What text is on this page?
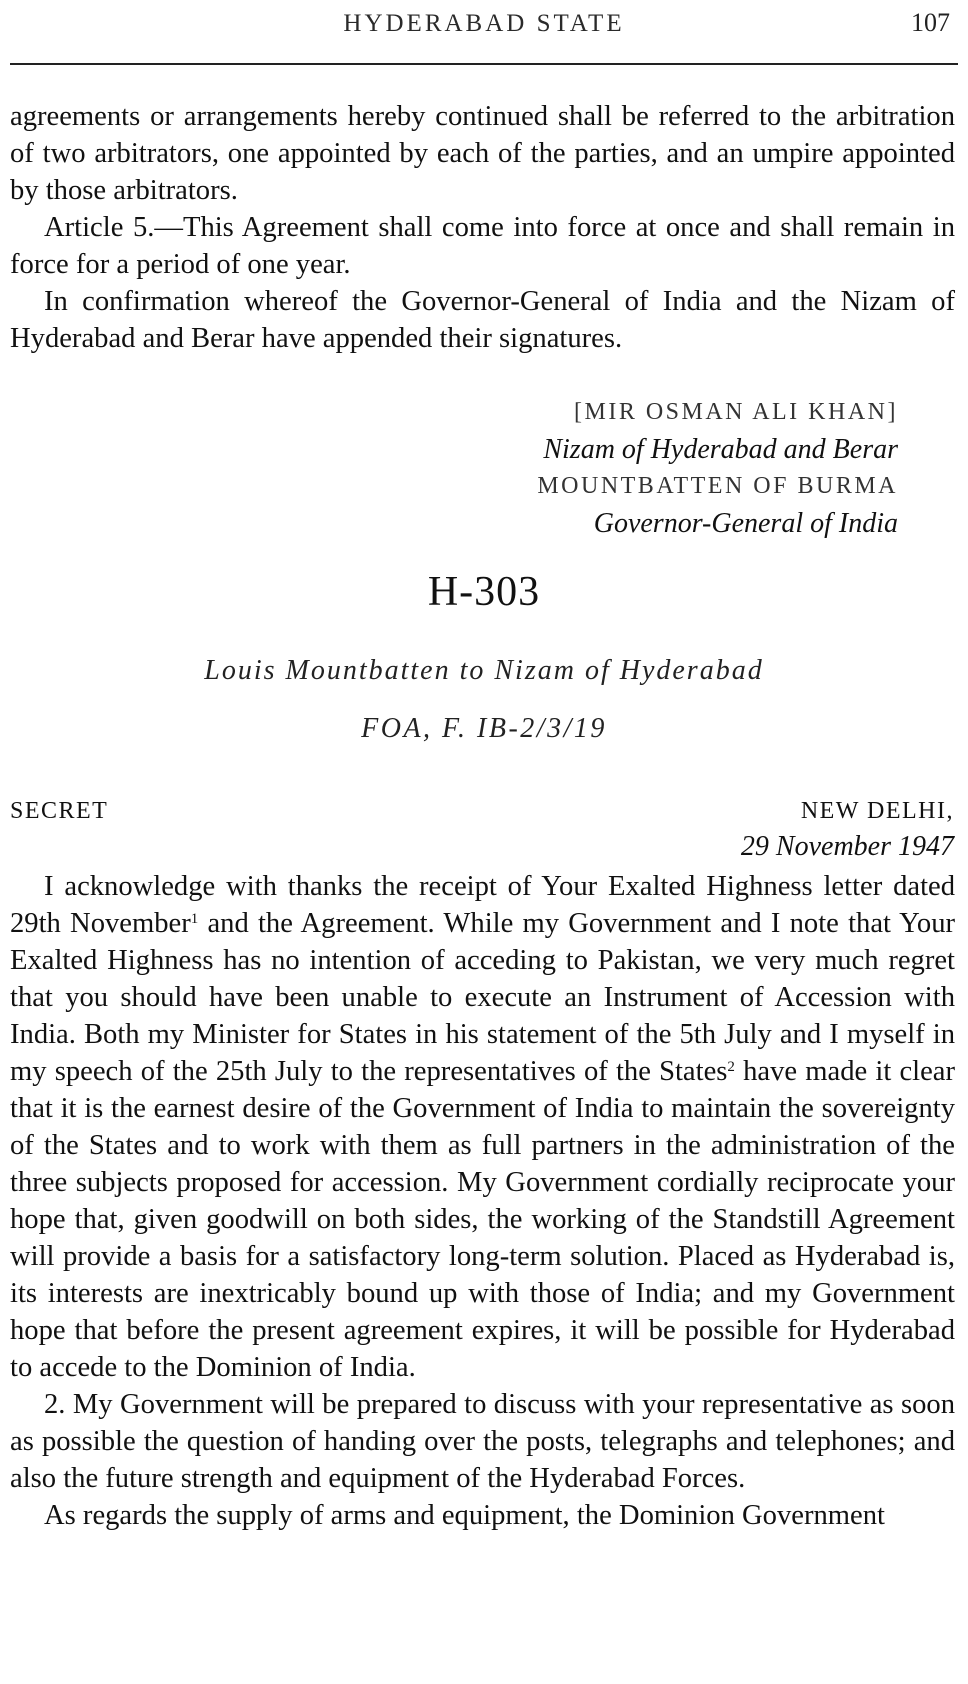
HYDERABAD STATE	107

agreements or arrangements hereby continued shall be referred to the arbitration of two arbitrators, one appointed by each of the parties, and an umpire appointed by those arbitrators.

Article 5.—This Agreement shall come into force at once and shall remain in force for a period of one year.

In confirmation whereof the Governor-General of India and the Nizam of Hyderabad and Berar have appended their signatures.

[MIR OSMAN ALI KHAN]
Nizam of Hyderabad and Berar
MOUNTBATTEN OF BURMA
Governor-General of India
H-303
Louis Mountbatten to Nizam of Hyderabad
FOA, F. IB-2/3/19
SECRET	NEW DELHI,
29 November 1947

I acknowledge with thanks the receipt of Your Exalted Highness letter dated 29th November$^1$ and the Agreement. While my Government and I note that Your Exalted Highness has no intention of acceding to Pakistan, we very much regret that you should have been unable to execute an Instrument of Accession with India. Both my Minister for States in his statement of the 5th July and I myself in my speech of the 25th July to the representatives of the States$^2$ have made it clear that it is the earnest desire of the Government of India to maintain the sovereignty of the States and to work with them as full partners in the administration of the three subjects proposed for accession. My Government cordially reciprocate your hope that, given goodwill on both sides, the working of the Standstill Agreement will provide a basis for a satisfactory long-term solution. Placed as Hyderabad is, its interests are inextricably bound up with those of India; and my Government hope that before the present agreement expires, it will be possible for Hyderabad to accede to the Dominion of India.

2. My Government will be prepared to discuss with your representative as soon as possible the question of handing over the posts, telegraphs and telephones; and also the future strength and equipment of the Hyderabad Forces.

As regards the supply of arms and equipment, the Dominion Government
